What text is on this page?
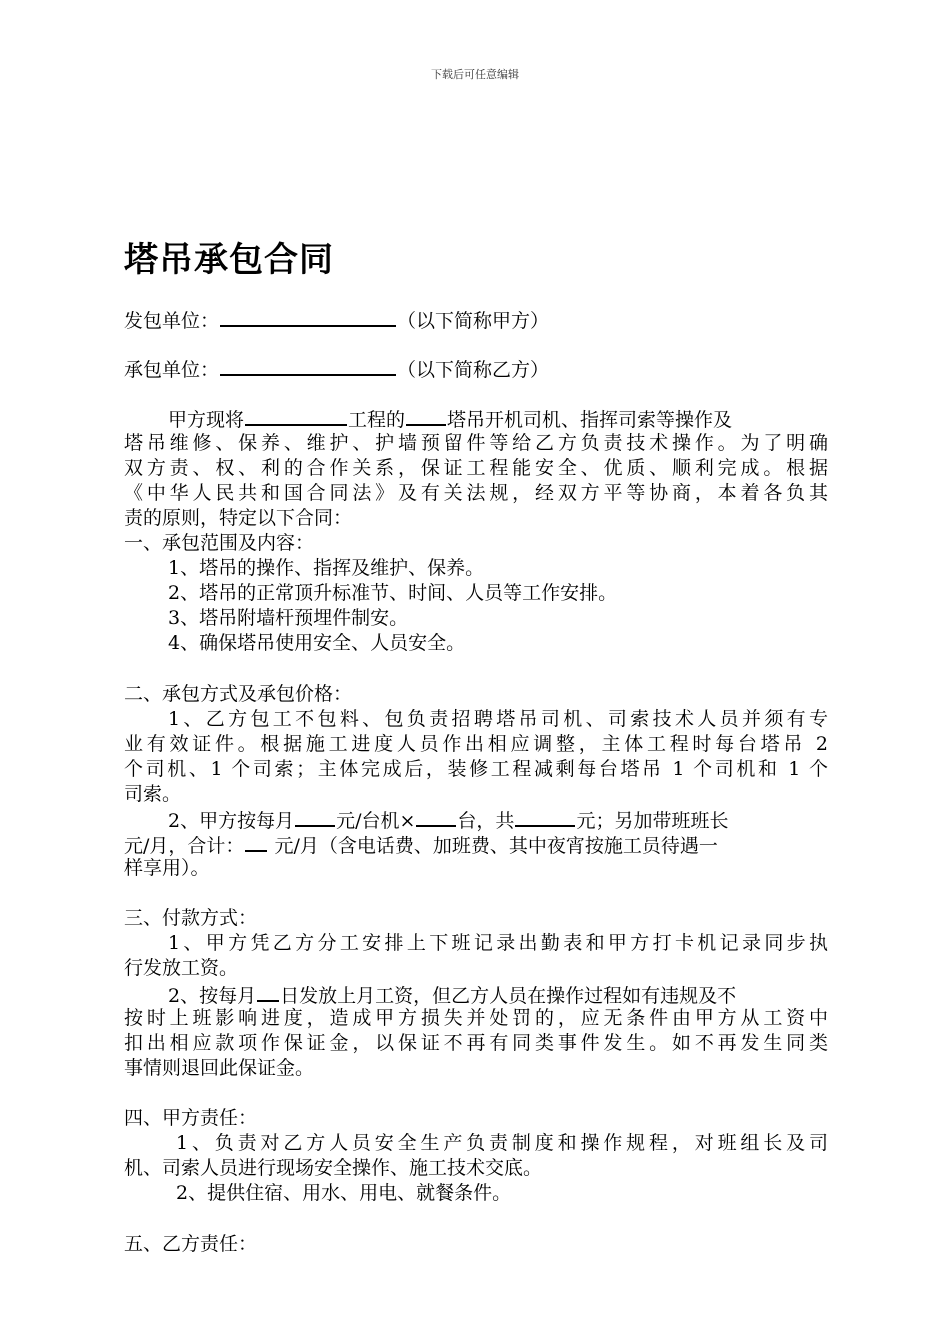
下载后可任意编辑
塔吊承包合同
发包单位：	（以下简称甲方）
承包单位：	（以下简称乙方）
甲方现将	工程的 塔吊开机司机、指挥司索等操作及
塔吊维修、保养、维护、护墙预留件等给乙方负责技术操作。为了明确
双方责、权、利的合作关系，保证工程能安全、优质、顺利完成。根据
《中华人民共和国合同法》及有关法规，经双方平等协商，本着各负其
责的原则，特定以下合同：
一、承包范围及内容：
1、塔吊的操作、指挥及维护、保养。
2、塔吊的正常顶升标准节、时间、人员等工作安排。
3、塔吊附墙杆预埋件制安。
4、确保塔吊使用安全、人员安全。
二、承包方式及承包价格：
1、乙方包工不包料、包负责招聘塔吊司机、司索技术人员并须有专
业有效证件。根据施工进度人员作出相应调整，主体工程时每台塔吊 2
个司机、1 个司索；主体完成后，装修工程减剩每台塔吊 1 个司机和 1 个
司索。
2、甲方按每月 元/台机× 台，共	元；另加带班班长
元/月，合计： 元/月（含电话费、加班费、其中夜宵按施工员待遇一
样享用）。
三、付款方式：
1、甲方凭乙方分工安排上下班记录出勤表和甲方打卡机记录同步执
行发放工资。
2、按每月 日发放上月工资，但乙方人员在操作过程如有违规及不
按时上班影响进度，造成甲方损失并处罚的，应无条件由甲方从工资中
扣出相应款项作保证金，以保证不再有同类事件发生。如不再发生同类
事情则退回此保证金。
四、甲方责任：
1、负责对乙方人员安全生产负责制度和操作规程，对班组长及司
机、司索人员进行现场安全操作、施工技术交底。
2、提供住宿、用水、用电、就餐条件。
五、乙方责任：
